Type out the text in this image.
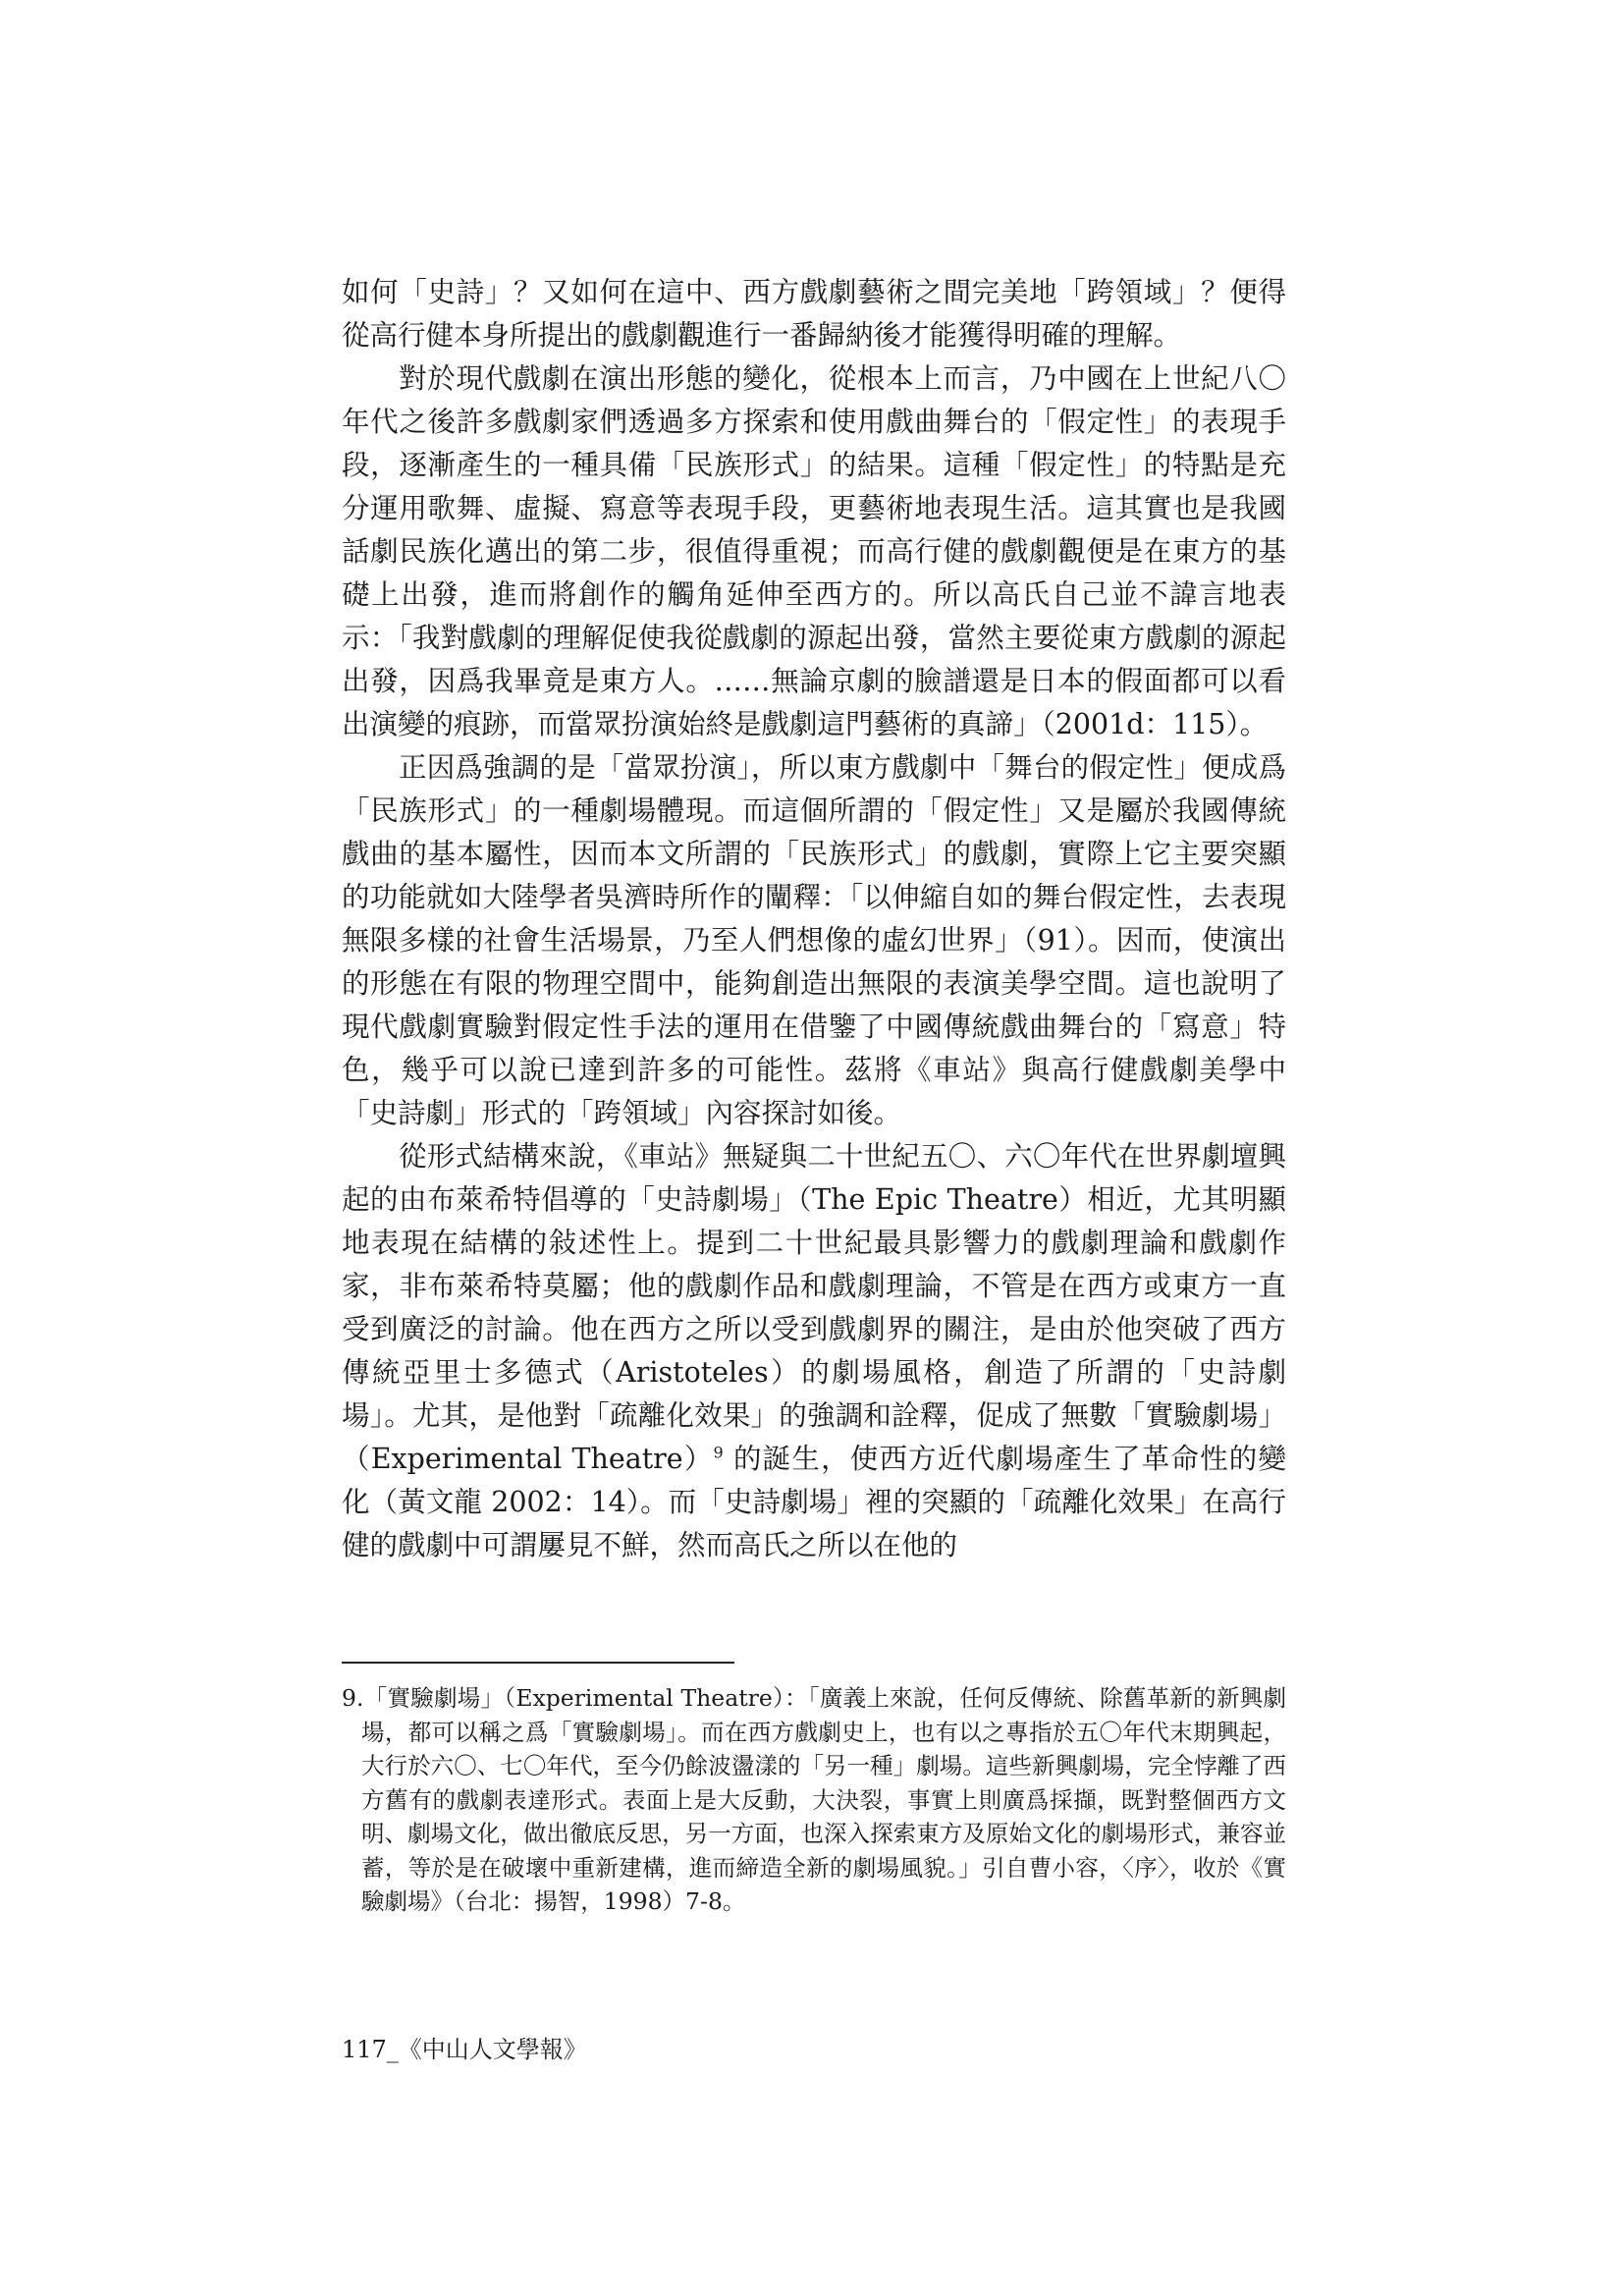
如何「史詩」？又如何在這中、西方戲劇藝術之間完美地「跨領域」？便得從高行健本身所提出的戲劇觀進行一番歸納後才能獲得明確的理解。

對於現代戲劇在演出形態的變化，從根本上而言，乃中國在上世紀八〇年代之後許多戲劇家們透過多方探索和使用戲曲舞台的「假定性」的表現手段，逐漸產生的一種具備「民族形式」的結果。這種「假定性」的特點是充分運用歌舞、虛擬、寫意等表現手段，更藝術地表現生活。這其實也是我國話劇民族化邁出的第二步，很值得重視；而高行健的戲劇觀便是在東方的基礎上出發，進而將創作的觸角延伸至西方的。所以高氏自己並不諱言地表示：「我對戲劇的理解促使我從戲劇的源起出發，當然主要從東方戲劇的源起出發，因爲我畢竟是東方人。……無論京劇的臉譜還是日本的假面都可以看出演變的痕跡，而當眾扮演始終是戲劇這門藝術的真諦」（2001d：115）。

正因爲強調的是「當眾扮演」，所以東方戲劇中「舞台的假定性」便成爲「民族形式」的一種劇場體現。而這個所謂的「假定性」又是屬於我國傳統戲曲的基本屬性，因而本文所謂的「民族形式」的戲劇，實際上它主要突顯的功能就如大陸學者吳濟時所作的闡釋：「以伸縮自如的舞台假定性，去表現無限多樣的社會生活場景，乃至人們想像的虛幻世界」（91）。因而，使演出的形態在有限的物理空間中，能夠創造出無限的表演美學空間。這也說明了現代戲劇實驗對假定性手法的運用在借鑒了中國傳統戲曲舞台的「寫意」特色，幾乎可以說已達到許多的可能性。茲將《車站》與高行健戲劇美學中「史詩劇」形式的「跨領域」內容探討如後。

從形式結構來說，《車站》無疑與二十世紀五〇、六〇年代在世界劇壇興起的由布萊希特倡導的「史詩劇場」（The Epic Theatre）相近，尤其明顯地表現在結構的敍述性上。提到二十世紀最具影響力的戲劇理論和戲劇作家，非布萊希特莫屬；他的戲劇作品和戲劇理論，不管是在西方或東方一直受到廣泛的討論。他在西方之所以受到戲劇界的關注，是由於他突破了西方傳統亞里士多德式（Aristoteles）的劇場風格，創造了所謂的「史詩劇場」。尤其，是他對「疏離化效果」的強調和詮釋，促成了無數「實驗劇場」（Experimental Theatre）$^9$ 的誕生，使西方近代劇場產生了革命性的變化（黃文龍 2002：14）。而「史詩劇場」裡的突顯的「疏離化效果」在高行健的戲劇中可謂屢見不鮮，然而高氏之所以在他的

9.「實驗劇場」（Experimental Theatre）：「廣義上來說，任何反傳統、除舊革新的新興劇場，都可以稱之爲「實驗劇場」。而在西方戲劇史上，也有以之專指於五〇年代末期興起，大行於六〇、七〇年代，至今仍餘波盪漾的「另一種」劇場。這些新興劇場，完全悖離了西方舊有的戲劇表達形式。表面上是大反動，大決裂，事實上則廣爲採擷，既對整個西方文明、劇場文化，做出徹底反思，另一方面，也深入探索東方及原始文化的劇場形式，兼容並蓄，等於是在破壞中重新建構，進而締造全新的劇場風貌。」引自曹小容，〈序〉，收於《實驗劇場》（台北：揚智，1998）7-8。
117_《中山人文學報》
